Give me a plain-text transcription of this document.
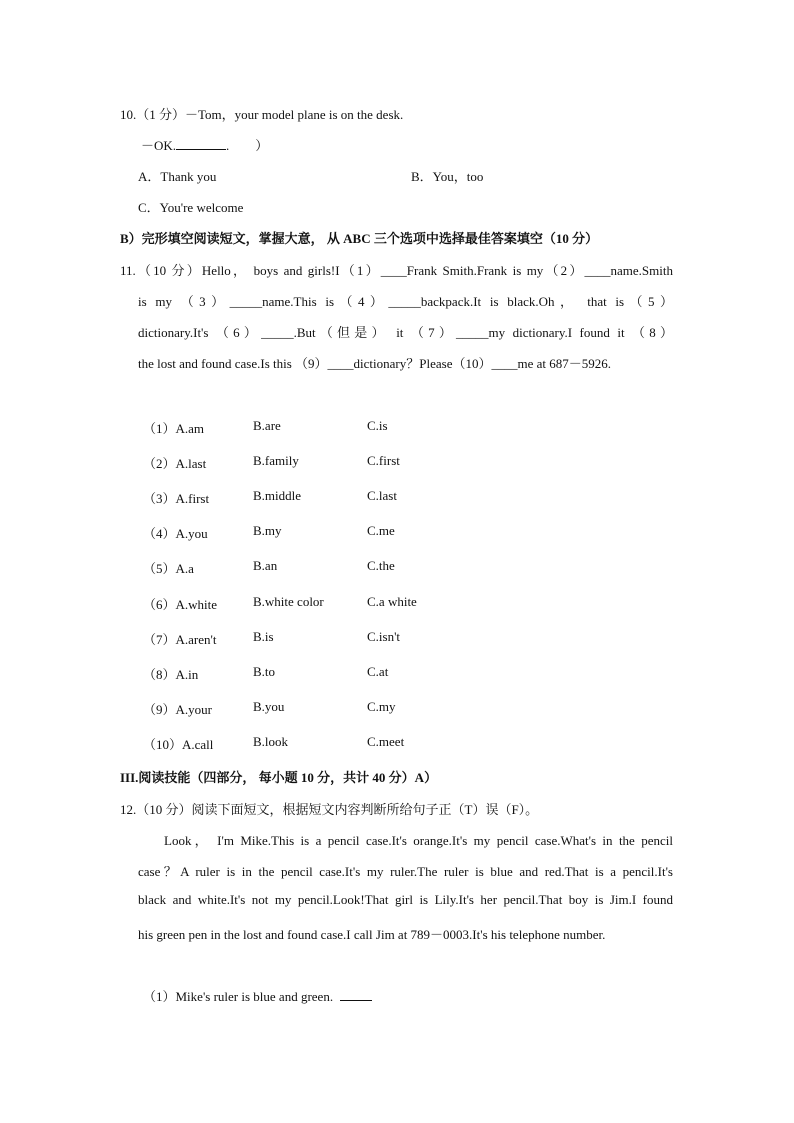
10.（1 分）－Tom，your model plane is on the desk.
－OK.	.　　）
A．Thank you	B．You，too
C．You're welcome
B）完形填空阅读短文，掌握大意， 从 ABC 三个选项中选择最佳答案填空（10 分）
11.（10 分）Hello， boys and girls!I（1）____Frank Smith.Frank is my（2）____name.Smith
is my （3）_____name.This is（4）_____backpack.It is black.Oh， that is（5）
dictionary.It's （6）_____.But（但是） it （7）_____my dictionary.I found it （8）
the lost and found case.Is this （9）____dictionary？Please（10）____me at 687－5926.
（1）A.am	B.are	C.is
（2）A.last	B.family	C.first
（3）A.first	B.middle	C.last
（4）A.you	B.my	C.me
（5）A.a	B.an	C.the
（6）A.white	B.white color	C.a white
（7）A.aren't	B.is	C.isn't
（8）A.in	B.to	C.at
（9）A.your	B.you	C.my
（10）A.call	B.look	C.meet
III.阅读技能（四部分， 每小题 10 分，共计 40 分）A）
12.（10 分）阅读下面短文，根据短文内容判断所给句子正（T）误（F）。
Look， I'm Mike.This is a pencil case.It's orange.It's my pencil case.What's in the pencil
case？A ruler is in the pencil case.It's my ruler.The ruler is blue and red.That is a pencil.It's
black and white.It's not my pencil.Look!That girl is Lily.It's her pencil.That boy is Jim.I found
his green pen in the lost and found case.I call Jim at 789－0003.It's his telephone number.
（1）Mike's ruler is blue and green.
